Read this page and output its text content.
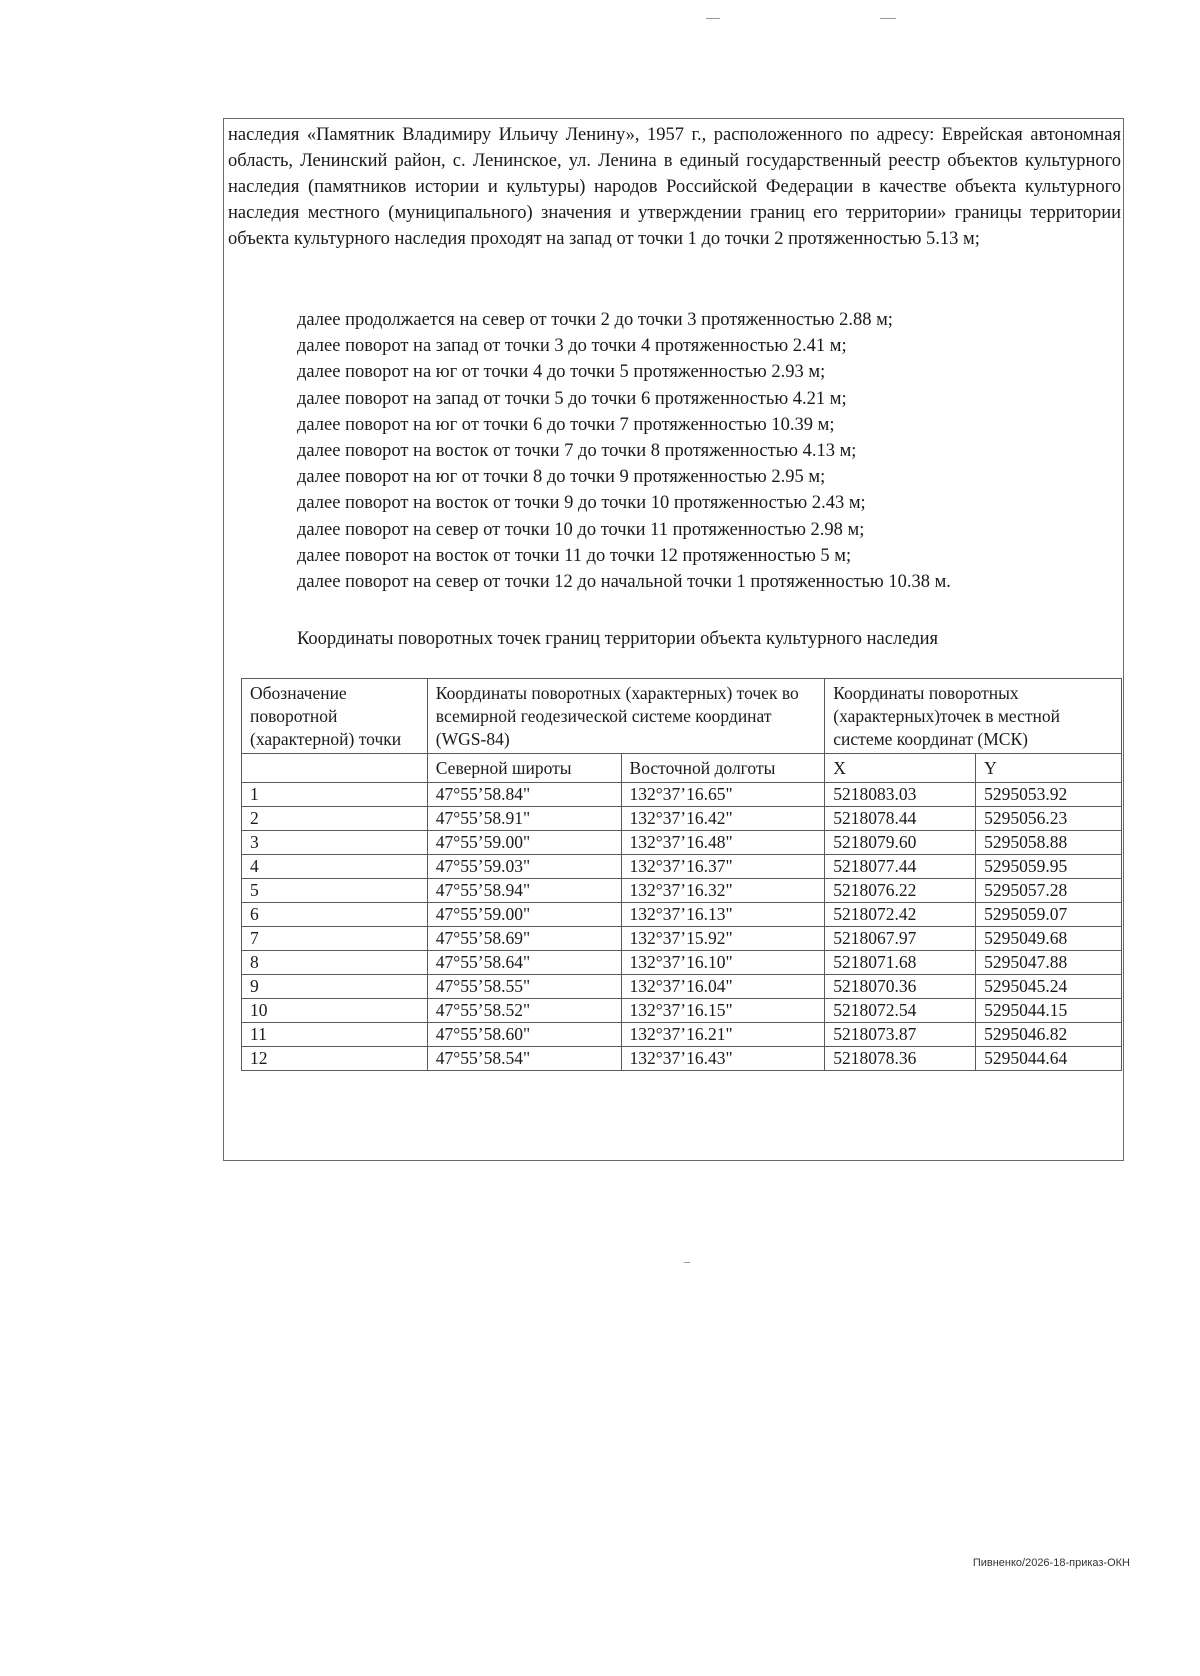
наследия «Памятник Владимиру Ильичу Ленину», 1957 г., расположенного по адресу: Еврейская автономная область, Ленинский район, с. Ленинское, ул. Ленина в единый государственный реестр объектов культурного наследия (памятников истории и культуры) народов Российской Федерации в качестве объекта культурного наследия местного (муниципального) значения и утверждении границ его территории» границы территории объекта культурного наследия проходят на запад от точки 1 до точки 2 протяженностью 5.13 м;

далее продолжается на север от точки 2 до точки 3 протяженностью 2.88 м;
далее поворот на запад от точки 3 до точки 4 протяженностью 2.41 м;
далее поворот на юг от точки 4 до точки 5 протяженностью 2.93 м;
далее поворот на запад от точки 5 до точки 6 протяженностью 4.21 м;
далее поворот на юг от точки 6 до точки 7 протяженностью 10.39 м;
далее поворот на восток от точки 7 до точки 8 протяженностью 4.13 м;
далее поворот на юг от точки 8 до точки 9 протяженностью 2.95 м;
далее поворот на восток от точки 9 до точки 10 протяженностью 2.43 м;
далее поворот на север от точки 10 до точки 11 протяженностью 2.98 м;
далее поворот на восток от точки 11 до точки 12 протяженностью 5 м;
далее поворот на север от точки 12 до начальной точки 1 протяженностью 10.38 м.

Координаты поворотных точек границ территории объекта культурного наследия

Обозначение поворотной (характерной) точки	Координаты поворотных (характерных) точек во всемирной геодезической системе координат (WGS-84)		Координаты поворотных (характерных)точек в местной системе координат (МСК)	
	Северной широты	Восточной долготы	X	Y
1	47°55’58.84"	132°37’16.65"	5218083.03	5295053.92
2	47°55’58.91"	132°37’16.42"	5218078.44	5295056.23
3	47°55’59.00"	132°37’16.48"	5218079.60	5295058.88
4	47°55’59.03"	132°37’16.37"	5218077.44	5295059.95
5	47°55’58.94"	132°37’16.32"	5218076.22	5295057.28
6	47°55’59.00"	132°37’16.13"	5218072.42	5295059.07
7	47°55’58.69"	132°37’15.92"	5218067.97	5295049.68
8	47°55’58.64"	132°37’16.10"	5218071.68	5295047.88
9	47°55’58.55"	132°37’16.04"	5218070.36	5295045.24
10	47°55’58.52"	132°37’16.15"	5218072.54	5295044.15
11	47°55’58.60"	132°37’16.21"	5218073.87	5295046.82
12	47°55’58.54"	132°37’16.43"	5218078.36	5295044.64
Пивненко/2026-18-приказ-ОКН
